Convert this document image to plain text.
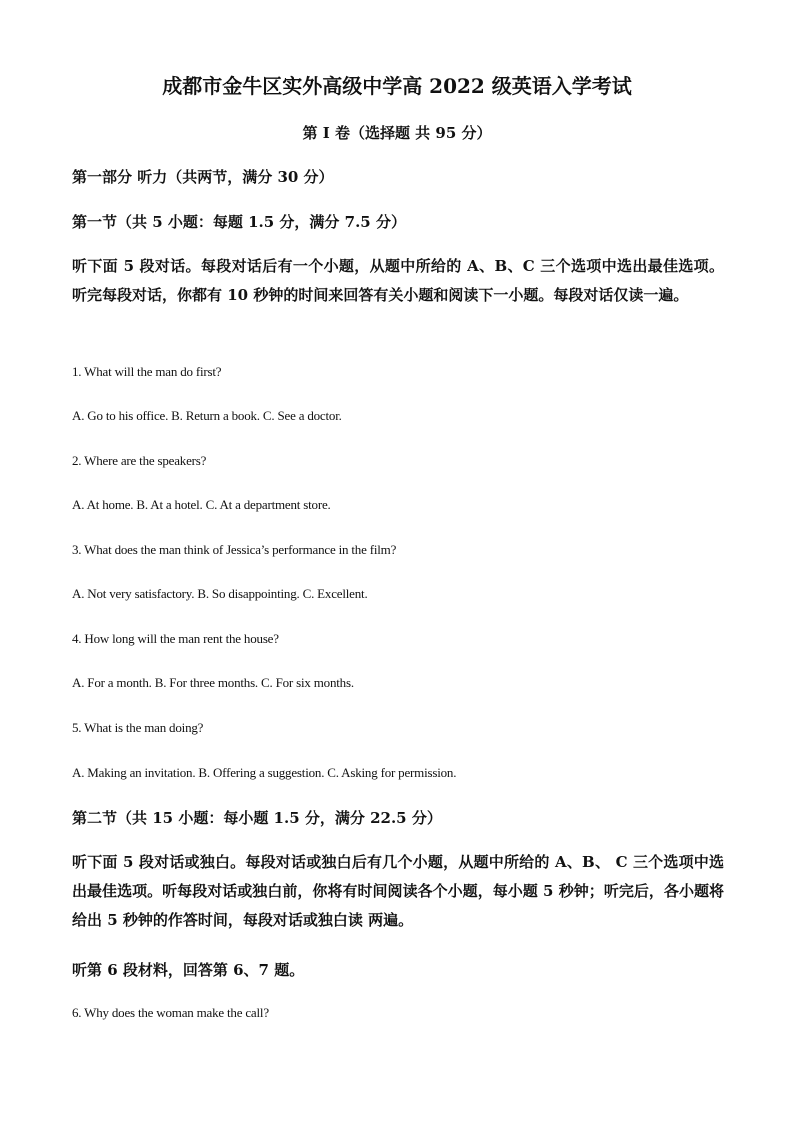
成都市金牛区实外高级中学高 2022 级英语入学考试
第 I 卷（选择题 共 95 分）
第一部分 听力（共两节，满分 30 分）
第一节（共 5 小题：每题 1.5 分，满分 7.5 分）
听下面 5 段对话。每段对话后有一个小题，从题中所给的 A、B、C 三个选项中选出最佳选项。听完每段对话，你都有 10 秒钟的时间来回答有关小题和阅读下一小题。每段对话仅读一遍。
1. What will the man do first?
A. Go to his office. B. Return a book. C. See a doctor.
2. Where are the speakers?
A. At home. B. At a hotel. C. At a department store.
3. What does the man think of Jessica’s performance in the film?
A. Not very satisfactory. B. So disappointing. C. Excellent.
4. How long will the man rent the house?
A. For a month. B. For three months. C. For six months.
5. What is the man doing?
A. Making an invitation. B. Offering a suggestion. C. Asking for permission.
第二节（共 15 小题：每小题 1.5 分，满分 22.5 分）
听下面 5 段对话或独白。每段对话或独白后有几个小题，从题中所给的 A、B、 C 三个选项中选出最佳选项。听每段对话或独白前，你将有时间阅读各个小题，每小题 5 秒钟；听完后，各小题将给出 5 秒钟的作答时间，每段对话或独白读 两遍。
听第 6 段材料，回答第 6、7 题。
6. Why does the woman make the call?
